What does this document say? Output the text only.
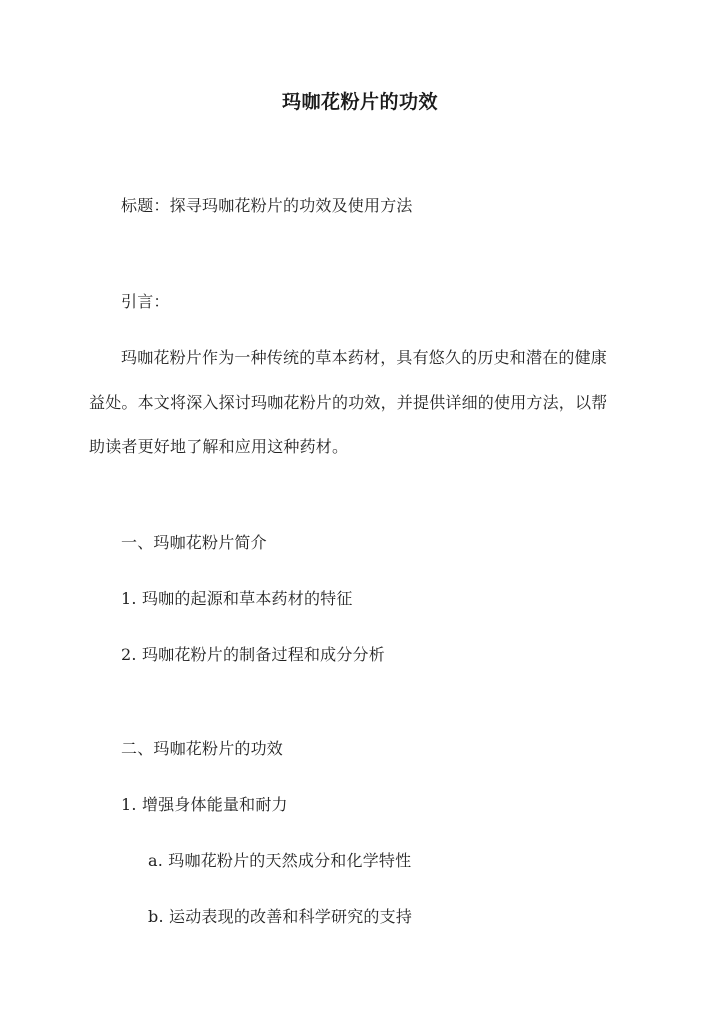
玛咖花粉片的功效
标题：探寻玛咖花粉片的功效及使用方法
引言：
玛咖花粉片作为一种传统的草本药材，具有悠久的历史和潜在的健康
益处。本文将深入探讨玛咖花粉片的功效，并提供详细的使用方法，以帮
助读者更好地了解和应用这种药材。
一、玛咖花粉片简介
1. 玛咖的起源和草本药材的特征
2. 玛咖花粉片的制备过程和成分分析
二、玛咖花粉片的功效
1. 增强身体能量和耐力
a. 玛咖花粉片的天然成分和化学特性
b. 运动表现的改善和科学研究的支持
